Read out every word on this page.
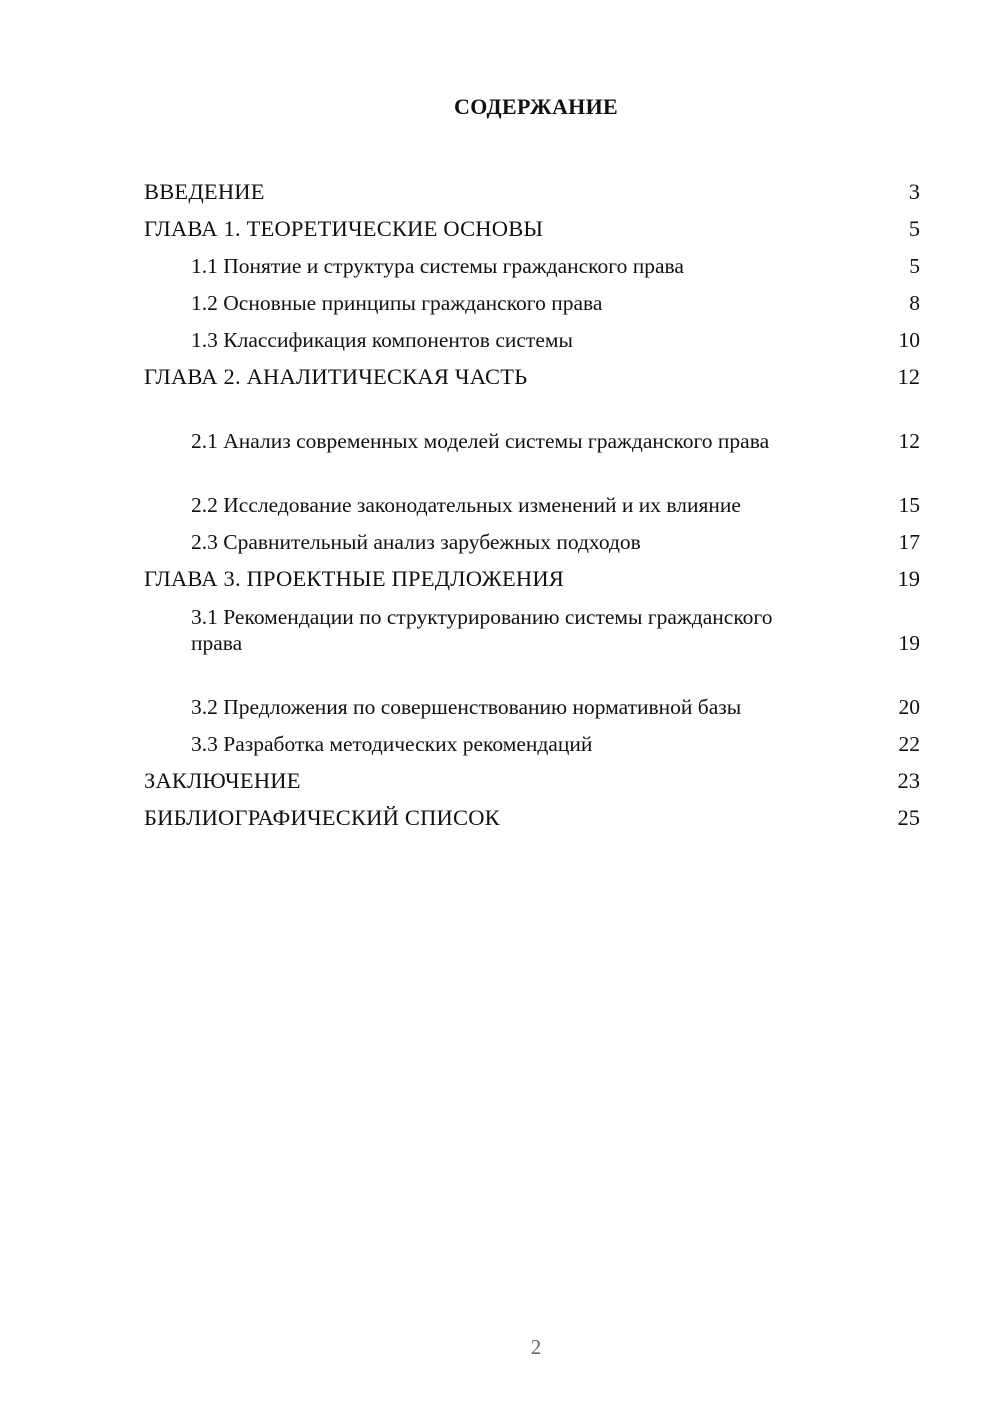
СОДЕРЖАНИЕ
ВВЕДЕНИЕ	3
ГЛАВА 1. ТЕОРЕТИЧЕСКИЕ ОСНОВЫ	5
1.1 Понятие и структура системы гражданского права	5
1.2 Основные принципы гражданского права	8
1.3 Классификация компонентов системы	10
ГЛАВА 2. АНАЛИТИЧЕСКАЯ ЧАСТЬ	12
2.1 Анализ современных моделей системы гражданского права	12
2.2 Исследование законодательных изменений и их влияние	15
2.3 Сравнительный анализ зарубежных подходов	17
ГЛАВА 3. ПРОЕКТНЫЕ ПРЕДЛОЖЕНИЯ	19
3.1 Рекомендации по структурированию системы гражданского права	19
3.2 Предложения по совершенствованию нормативной базы	20
3.3 Разработка методических рекомендаций	22
ЗАКЛЮЧЕНИЕ	23
БИБЛИОГРАФИЧЕСКИЙ СПИСОК	25
2
